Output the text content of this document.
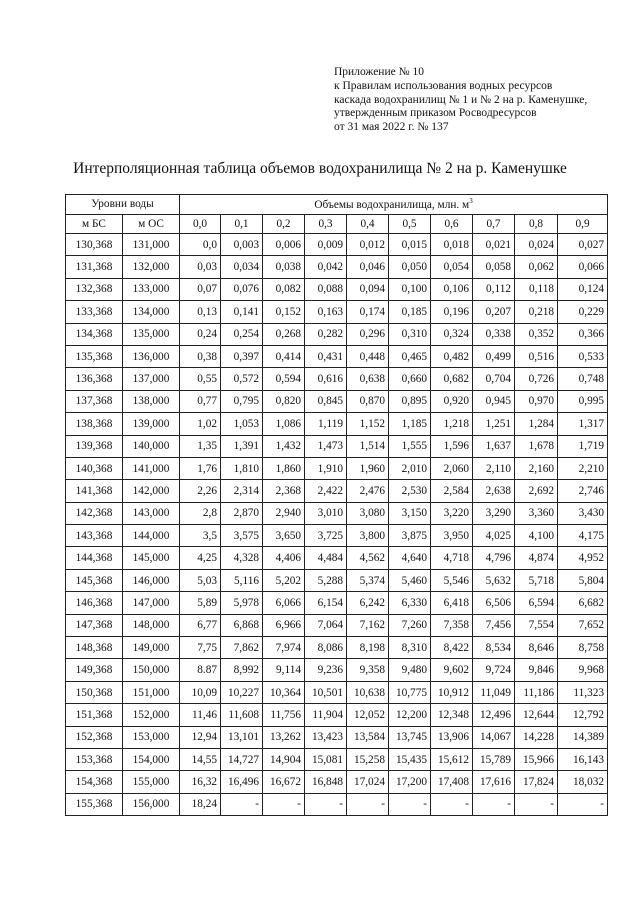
Приложение № 10
к Правилам использования водных ресурсов
каскада водохранилищ № 1 и № 2 на р. Каменушке,
утвержденным приказом Росводресурсов
от 31 мая 2022 г. № 137
Интерполяционная таблица объемов водохранилища № 2 на р. Каменушке
Уровни воды		Объемы водохранилища, млн. $м^3$
м БС	м ОС	0,0	0,1	0,2	0,3	0,4	0,5	0,6	0,7	0,8	0,9
130,368	131,000	0,0	0,003	0,006	0,009	0,012	0,015	0,018	0,021	0,024	0,027
131,368	132,000	0,03	0,034	0,038	0,042	0,046	0,050	0,054	0,058	0,062	0,066
132,368	133,000	0,07	0,076	0,082	0,088	0,094	0,100	0,106	0,112	0,118	0,124
133,368	134,000	0,13	0,141	0,152	0,163	0,174	0,185	0,196	0,207	0,218	0,229
134,368	135,000	0,24	0,254	0,268	0,282	0,296	0,310	0,324	0,338	0,352	0,366
135,368	136,000	0,38	0,397	0,414	0,431	0,448	0,465	0,482	0,499	0,516	0,533
136,368	137,000	0,55	0,572	0,594	0,616	0,638	0,660	0,682	0,704	0,726	0,748
137,368	138,000	0,77	0,795	0,820	0,845	0,870	0,895	0,920	0,945	0,970	0,995
138,368	139,000	1,02	1,053	1,086	1,119	1,152	1,185	1,218	1,251	1,284	1,317
139,368	140,000	1,35	1,391	1,432	1,473	1,514	1,555	1,596	1,637	1,678	1,719
140,368	141,000	1,76	1,810	1,860	1,910	1,960	2,010	2,060	2,110	2,160	2,210
141,368	142,000	2,26	2,314	2,368	2,422	2,476	2,530	2,584	2,638	2,692	2,746
142,368	143,000	2,8	2,870	2,940	3,010	3,080	3,150	3,220	3,290	3,360	3,430
143,368	144,000	3,5	3,575	3,650	3,725	3,800	3,875	3,950	4,025	4,100	4,175
144,368	145,000	4,25	4,328	4,406	4,484	4,562	4,640	4,718	4,796	4,874	4,952
145,368	146,000	5,03	5,116	5,202	5,288	5,374	5,460	5,546	5,632	5,718	5,804
146,368	147,000	5,89	5,978	6,066	6,154	6,242	6,330	6,418	6,506	6,594	6,682
147,368	148,000	6,77	6,868	6,966	7,064	7,162	7,260	7,358	7,456	7,554	7,652
148,368	149,000	7,75	7,862	7,974	8,086	8,198	8,310	8,422	8,534	8,646	8,758
149,368	150,000	8.87	8,992	9,114	9,236	9,358	9,480	9,602	9,724	9,846	9,968
150,368	151,000	10,09	10,227	10,364	10,501	10,638	10,775	10,912	11,049	11,186	11,323
151,368	152,000	11,46	11,608	11,756	11,904	12,052	12,200	12,348	12,496	12,644	12,792
152,368	153,000	12,94	13,101	13,262	13,423	13,584	13,745	13,906	14,067	14,228	14,389
153,368	154,000	14,55	14,727	14,904	15,081	15,258	15,435	15,612	15,789	15,966	16,143
154,368	155,000	16,32	16,496	16,672	16,848	17,024	17,200	17,408	17,616	17,824	18,032
155,368	156,000	18,24	-	-	-	-	-	-	-	-	-
